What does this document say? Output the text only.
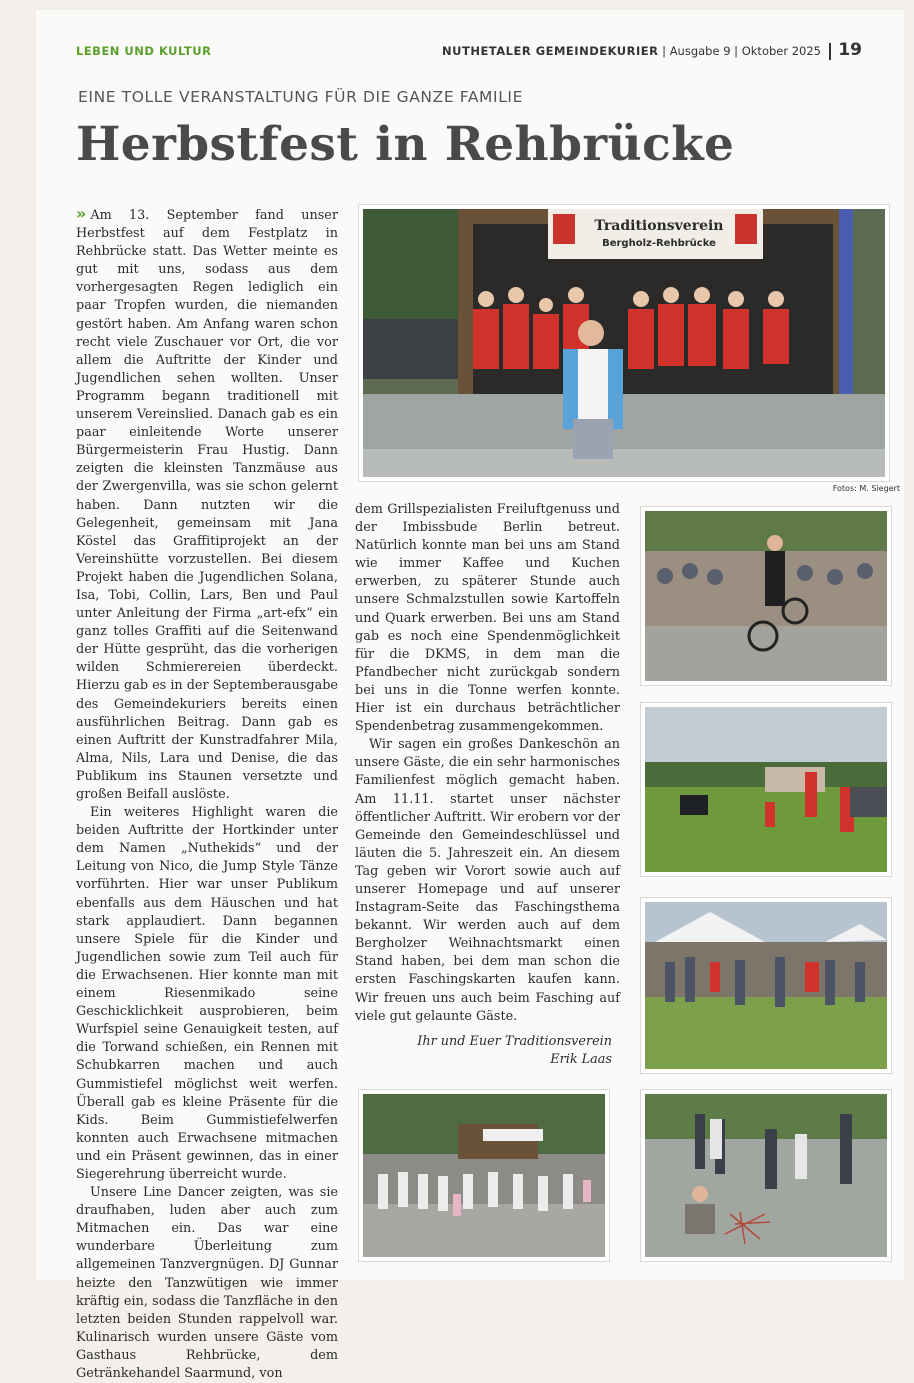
LEBEN UND KULTUR	NUTHETALER GEMEINDEKURIER | Ausgabe 9 | Oktober 2025 19
EINE TOLLE VERANSTALTUNG FÜR DIE GANZE FAMILIE
Herbstfest in Rehbrücke

» Am 13. September fand unser Herbstfest auf dem Festplatz in Rehbrücke statt. Das Wetter meinte es gut mit uns, sodass aus dem vorhergesagten Regen lediglich ein paar Tropfen wurden, die niemanden gestört haben. Am Anfang waren schon recht viele Zuschauer vor Ort, die vor allem die Auftritte der Kinder und Jugendlichen sehen wollten. Unser Programm begann traditionell mit unserem Vereinslied. Danach gab es ein paar einleitende Worte unserer Bürgermeisterin Frau Hustig. Dann zeigten die kleinsten Tanzmäuse aus der Zwergenvilla, was sie schon gelernt haben. Dann nutzten wir die Gelegenheit, gemeinsam mit Jana Köstel das Graffitiprojekt an der Vereinshütte vorzustellen. Bei diesem Projekt haben die Jugendlichen Solana, Isa, Tobi, Collin, Lars, Ben und Paul unter Anleitung der Firma „art-efx“ ein ganz tolles Graffiti auf die Seitenwand der Hütte gesprüht, das die vorherigen wilden Schmierereien überdeckt. Hierzu gab es in der Septemberausgabe des Gemeindekuriers bereits einen ausführlichen Beitrag. Dann gab es einen Auftritt der Kunstradfahrer Mila, Alma, Nils, Lara und Denise, die das Publikum ins Staunen versetzte und großen Beifall auslöste.

Ein weiteres Highlight waren die beiden Auftritte der Hortkinder unter dem Namen „Nuthekids“ und der Leitung von Nico, die Jump Style Tänze vorführten. Hier war unser Publikum ebenfalls aus dem Häuschen und hat stark applaudiert. Dann begannen unsere Spiele für die Kinder und Jugendlichen sowie zum Teil auch für die Erwachsenen. Hier konnte man mit einem Riesenmikado seine Geschicklichkeit ausprobieren, beim Wurfspiel seine Genauigkeit testen, auf die Torwand schießen, ein Rennen mit Schubkarren machen und auch Gummistiefel möglichst weit werfen. Überall gab es kleine Präsente für die Kids. Beim Gummistiefelwerfen konnten auch Erwachsene mitmachen und ein Präsent gewinnen, das in einer Siegerehrung überreicht wurde.

Unsere Line Dancer zeigten, was sie draufhaben, luden aber auch zum Mitmachen ein. Das war eine wunderbare Überleitung zum allgemeinen Tanzvergnügen. DJ Gunnar heizte den Tanzwütigen wie immer kräftig ein, sodass die Tanzfläche in den letzten beiden Stunden rappelvoll war. Kulinarisch wurden unsere Gäste vom Gasthaus Rehbrücke, dem Getränkehandel Saarmund, von

dem Grillspezialisten Freiluftgenuss und der Imbissbude Berlin betreut. Natürlich konnte man bei uns am Stand wie immer Kaffee und Kuchen erwerben, zu späterer Stunde auch unsere Schmalzstullen sowie Kartoffeln und Quark erwerben. Bei uns am Stand gab es noch eine Spendenmöglichkeit für die DKMS, in dem man die Pfandbecher nicht zurückgab sondern bei uns in die Tonne werfen konnte. Hier ist ein durchaus beträchtlicher Spendenbetrag zusammengekommen.

Wir sagen ein großes Dankeschön an unsere Gäste, die ein sehr harmonisches Familienfest möglich gemacht haben. Am 11.11. startet unser nächster öffentlicher Auftritt. Wir erobern vor der Gemeinde den Gemeindeschlüssel und läuten die 5. Jahreszeit ein. An diesem Tag geben wir Vorort sowie auch auf unserer Homepage und auf unserer Instagram-Seite das Faschingsthema bekannt. Wir werden auch auf dem Bergholzer Weihnachtsmarkt einen Stand haben, bei dem man schon die ersten Faschingskarten kaufen kann. Wir freuen uns auch beim Fasching auf viele gut gelaunte Gäste.

Ihr und Euer Traditionsverein
Erik Laas
Traditionsverein
Bergholz-Rehbrücke
Fotos: M. Siegert
